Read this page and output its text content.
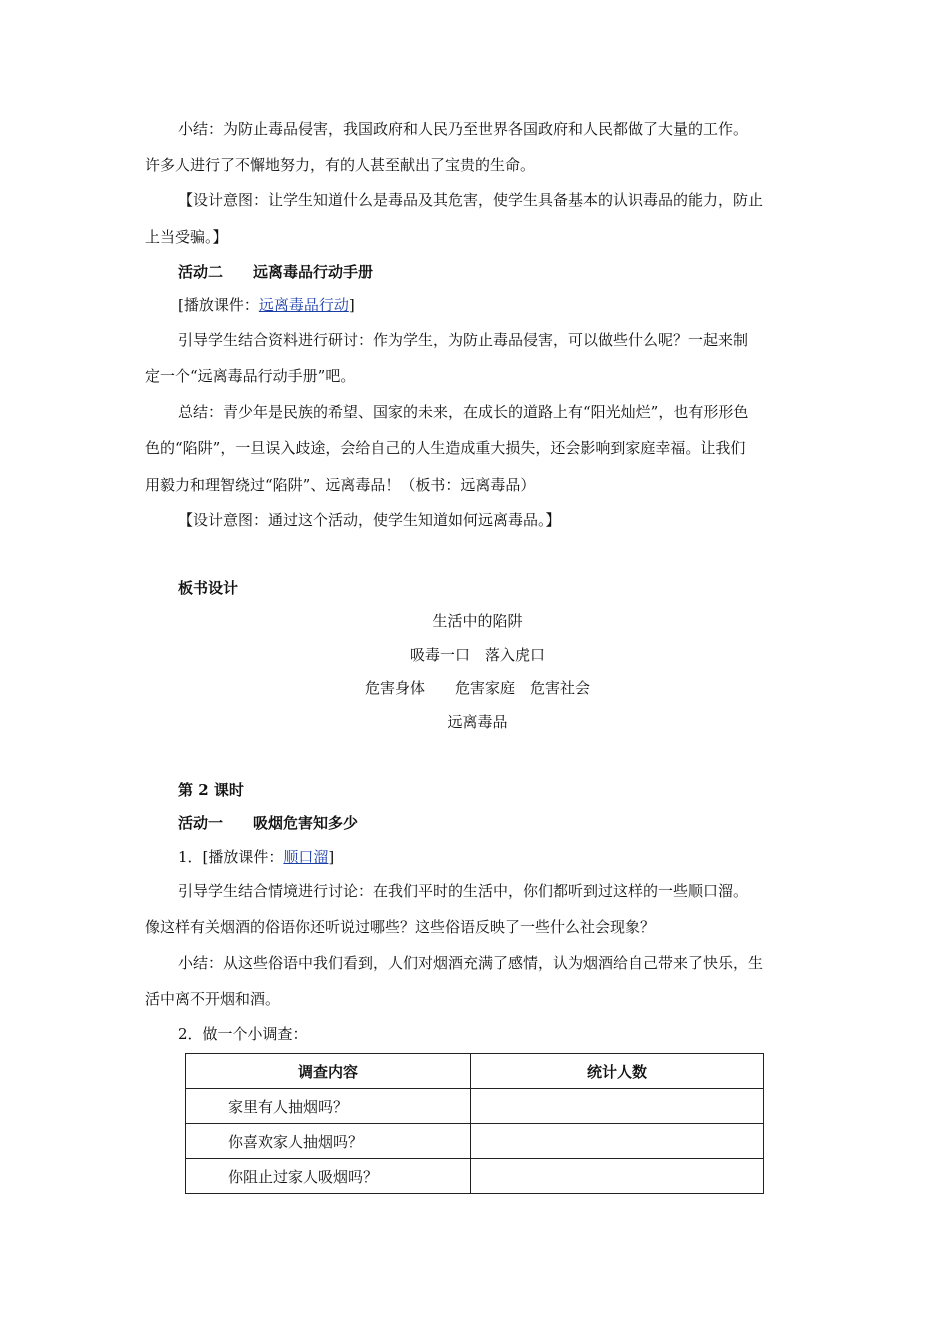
小结：为防止毒品侵害，我国政府和人民乃至世界各国政府和人民都做了大量的工作。
许多人进行了不懈地努力，有的人甚至献出了宝贵的生命。
【设计意图：让学生知道什么是毒品及其危害，使学生具备基本的认识毒品的能力，防止
上当受骗。】
活动二　　远离毒品行动手册
[播放课件：远离毒品行动]
引导学生结合资料进行研讨：作为学生，为防止毒品侵害，可以做些什么呢？一起来制
定一个“远离毒品行动手册”吧。
总结：青少年是民族的希望、国家的未来，在成长的道路上有“阳光灿烂”，也有形形色
色的“陷阱”，一旦误入歧途，会给自己的人生造成重大损失，还会影响到家庭幸福。让我们
用毅力和理智绕过“陷阱”、远离毒品！（板书：远离毒品）
【设计意图：通过这个活动，使学生知道如何远离毒品。】
板书设计
生活中的陷阱
吸毒一口　落入虎口
危害身体　　危害家庭　危害社会
远离毒品
第 2 课时
活动一　　吸烟危害知多少
1．[播放课件：顺口溜]
引导学生结合情境进行讨论：在我们平时的生活中，你们都听到过这样的一些顺口溜。
像这样有关烟酒的俗语你还听说过哪些？这些俗语反映了一些什么社会现象？
小结：从这些俗语中我们看到，人们对烟酒充满了感情，认为烟酒给自己带来了快乐，生
活中离不开烟和酒。
2．做一个小调查：
调查内容	统计人数
家里有人抽烟吗？	
你喜欢家人抽烟吗？	
你阻止过家人吸烟吗？	
